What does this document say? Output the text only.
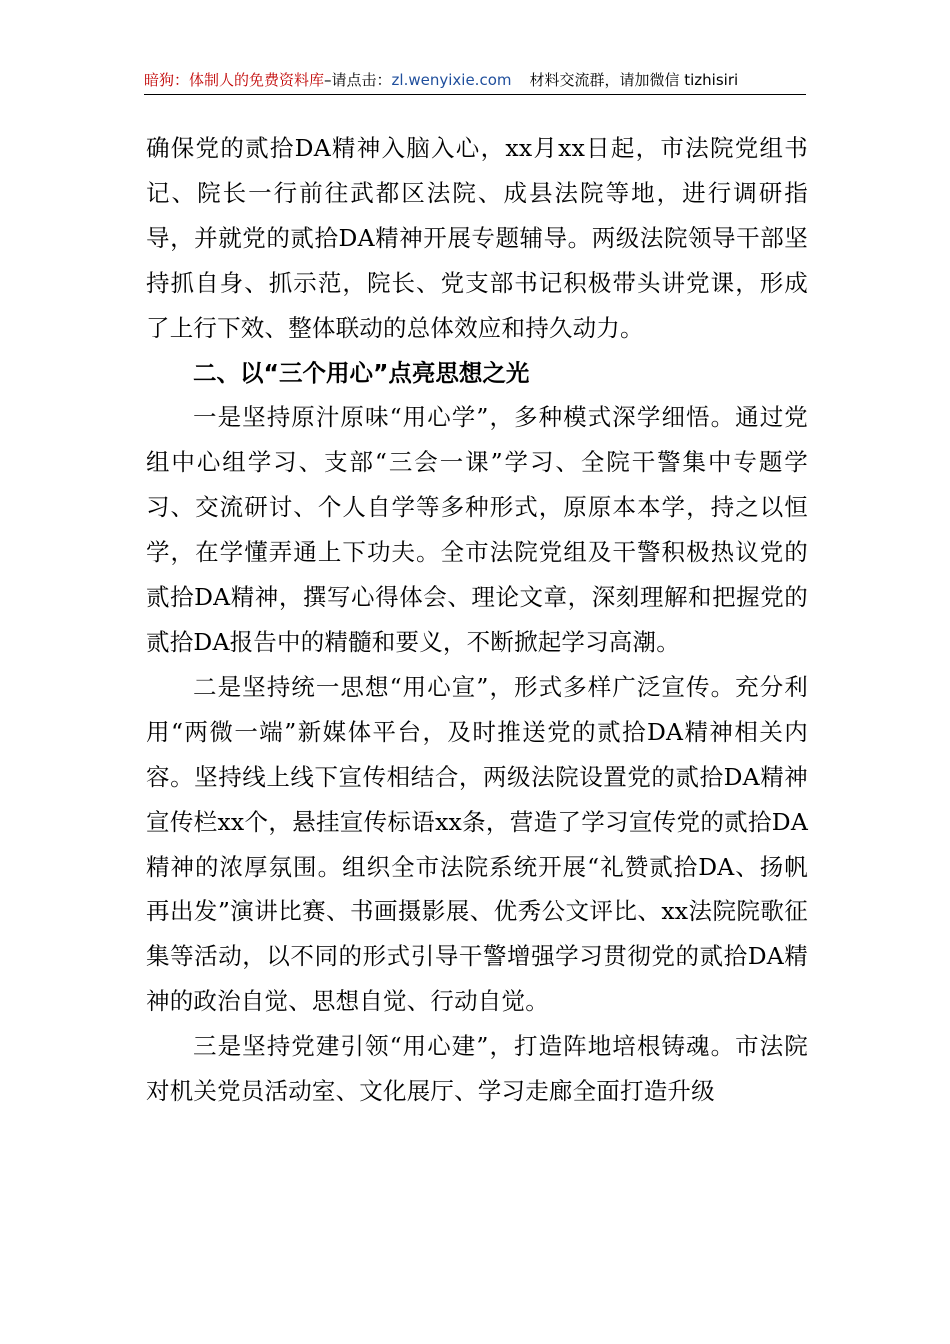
暗狗：体制人的免费资料库–请点击：zl.wenyixie.com 材料交流群，请加微信 tizhisiri

确保党的贰拾DA精神入脑入心，xx月xx日起，市法院党组书记、院长一行前往武都区法院、成县法院等地，进行调研指导，并就党的贰拾DA精神开展专题辅导。两级法院领导干部坚持抓自身、抓示范，院长、党支部书记积极带头讲党课，形成了上行下效、整体联动的总体效应和持久动力。

二、以“三个用心”点亮思想之光

一是坚持原汁原味“用心学”，多种模式深学细悟。通过党组中心组学习、支部“三会一课”学习、全院干警集中专题学习、交流研讨、个人自学等多种形式，原原本本学，持之以恒学，在学懂弄通上下功夫。全市法院党组及干警积极热议党的贰拾DA精神，撰写心得体会、理论文章，深刻理解和把握党的贰拾DA报告中的精髓和要义，不断掀起学习高潮。

二是坚持统一思想“用心宣”，形式多样广泛宣传。充分利用“两微一端”新媒体平台，及时推送党的贰拾DA精神相关内容。坚持线上线下宣传相结合，两级法院设置党的贰拾DA精神宣传栏xx个，悬挂宣传标语xx条，营造了学习宣传党的贰拾DA精神的浓厚氛围。组织全市法院系统开展“礼赞贰拾DA、扬帆再出发”演讲比赛、书画摄影展、优秀公文评比、xx法院院歌征集等活动，以不同的形式引导干警增强学习贯彻党的贰拾DA精神的政治自觉、思想自觉、行动自觉。

三是坚持党建引领“用心建”，打造阵地培根铸魂。市法院对机关党员活动室、文化展厅、学习走廊全面打造升级
